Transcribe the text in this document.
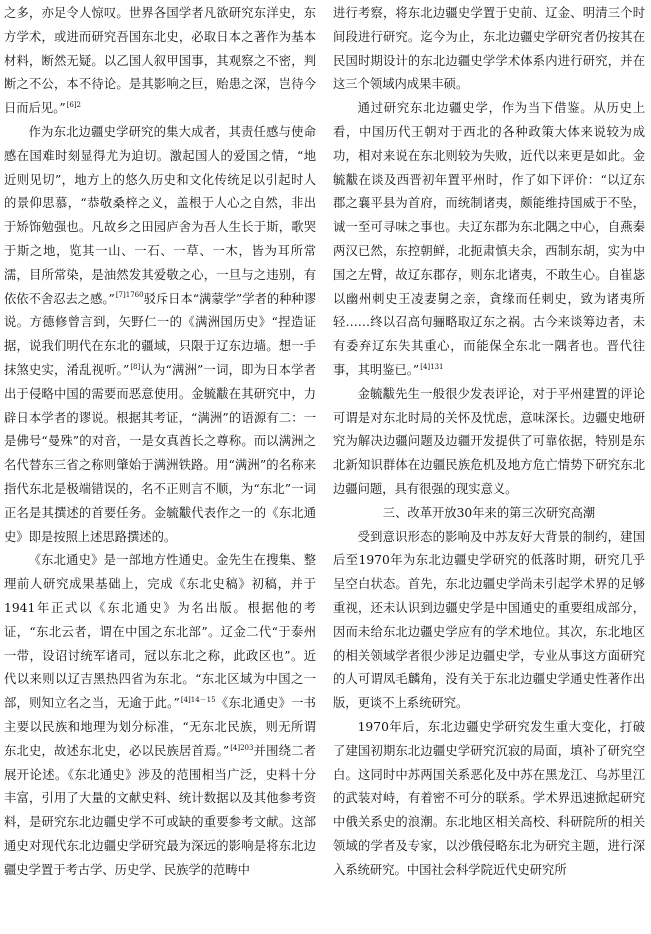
之多，亦足令人惊叹。世界各国学者凡欲研究东洋史，东方学术，或进而研究吾国东北史，必取日本之著作为基本材料，断然无疑。以乙国人叙甲国事，其观察之不密，判断之不公，本不待论。是其影响之巨，贻患之深，岂待今日而后见。”$^{[6]2}$

作为东北边疆史学研究的集大成者，其责任感与使命感在国难时刻显得尤为迫切。激起国人的爱国之情，“地近则见切”，地方上的悠久历史和文化传统足以引起时人的景仰思慕，“恭敬桑梓之义，盖根于人心之自然，非出于矫饰勉强也。凡故乡之田园庐舍为吾人生长于斯，歌哭于斯之地，览其一山、一石、一草、一木，皆为耳所常濡，目所常染，是油然发其爱敬之心，一旦与之违别，有依依不舍忍去之感。”$^{[7]1760}$驳斥日本“满蒙学”学者的种种谬说。方德修曾言到，矢野仁一的《满洲国历史》“捏造证据，说我们明代在东北的疆域，只限于辽东边墙。想一手抹煞史实，淆乱视听。”[8]认为“满洲”一词，即为日本学者出于侵略中国的需要而恶意使用。金毓黻在其研究中，力辟日本学者的谬说。根据其考证，“满洲”的语源有二：一是佛号“曼殊”的对音，一是女真酋长之尊称。而以满洲之名代替东三省之称则肇始于满洲铁路。用“满洲”的名称来指代东北是极端错误的，名不正则言不顺，为“东北”一词正名是其撰述的首要任务。金毓黻代表作之一的《东北通史》即是按照上述思路撰述的。

《东北通史》是一部地方性通史。金先生在搜集、整理前人研究成果基础上，完成《东北史稿》初稿，并于1941年正式以《东北通史》为名出版。根据他的考证，“东北云者，谓在中国之东北部”。辽金二代“于泰州一带，设诏讨统军诸司，冠以东北之称，此政区也”。近代以来则以辽吉黑热四省为东北。“东北区域为中国之一部，则知立名之当，无逾于此。”$^{[4]14-15}$《东北通史》一书主要以民族和地理为划分标准，“无东北民族，则无所谓东北史，故述东北史，必以民族居首焉。”$^{[4]203}$并围绕二者展开论述。《东北通史》涉及的范围相当广泛，史料十分丰富，引用了大量的文献史料、统计数据以及其他参考资料，是研究东北边疆史学不可或缺的重要参考文献。这部通史对现代东北边疆史学研究最为深远的影响是将东北边疆史学置于考古学、历史学、民族学的范畴中

进行考察，将东北边疆史学置于史前、辽金、明清三个时间段进行研究。迄今为止，东北边疆史学研究者仍按其在民国时期设计的东北边疆史学学术体系内进行研究，并在这三个领域内成果丰硕。

通过研究东北边疆史学，作为当下借鉴。从历史上看，中国历代王朝对于西北的各种政策大体来说较为成功，相对来说在东北则较为失败，近代以来更是如此。金毓黻在谈及西晋初年置平州时，作了如下评价：“以辽东郡之襄平县为首府，而统制诸夷，颇能维持国威于不坠，诚一至可寻味之事也。夫辽东郡为东北隅之中心，自燕秦两汉已然，东控朝鲜，北扼肃慎夫余，西制东胡，实为中国之左臂，故辽东郡存，则东北诸夷，不敢生心。自崔毖以幽州刺史王凌妻舅之亲，貪缘而任刺史，致为诸夷所轻……终以召高句骊略取辽东之祸。古今来谈筹边者，未有委弃辽东失其重心，而能保全东北一隅者也。晋代往事，其明鉴已。”$^{[4]131}$

金毓黻先生一般很少发表评论，对于平州建置的评论可谓是对东北时局的关怀及忧虑，意味深长。边疆史地研究为解决边疆问题及边疆开发提供了可靠依据，特别是东北新知识群体在边疆民族危机及地方危亡情势下研究东北边疆问题，具有很强的现实意义。

三、改革开放30年来的第三次研究高潮

受到意识形态的影响及中苏友好大背景的制约，建国后至1970年为东北边疆史学研究的低落时期，研究几乎呈空白状态。首先，东北边疆史学尚未引起学术界的足够重视，还未认识到边疆史学是中国通史的重要组成部分，因而未给东北边疆史学应有的学术地位。其次，东北地区的相关领域学者很少涉足边疆史学，专业从事这方面研究的人可谓凤毛麟角，没有关于东北边疆史学通史性著作出版，更谈不上系统研究。

1970年后，东北边疆史学研究发生重大变化，打破了建国初期东北边疆史学研究沉寂的局面，填补了研究空白。这同时中苏两国关系恶化及中苏在黑龙江、乌苏里江的武装对峙，有着密不可分的联系。学术界迅速掀起研究中俄关系史的浪潮。东北地区相关高校、科研院所的相关领域的学者及专家，以沙俄侵略东北为研究主题，进行深入系统研究。中国社会科学院近代史研究所
